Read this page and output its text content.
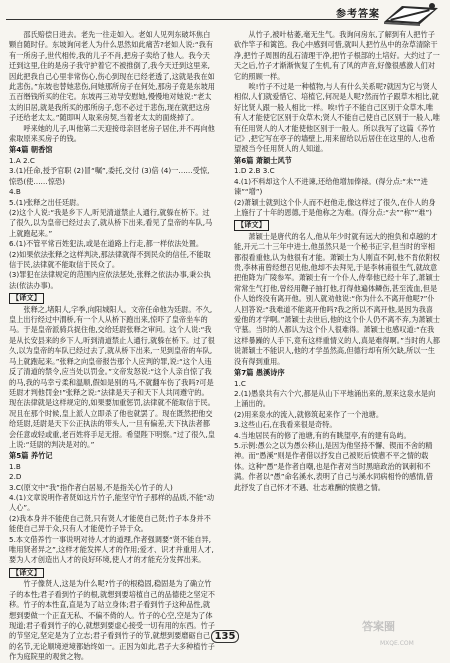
参考答案

邵氏赔偿日进去。老先一往走如入。老如人见列东破坏焦白颗自随时仔。东坡询问老人为什么思然如此痛苦?老如人说:“我有有一所房子,世代相传,我的儿子不肖,把房子卖给了他人。我今天迁到这里,住的是房子我守护着它不被推倒了,我今天迁到这里来,因此把我自己心里非常伤心,伤心到现在已经老透了,这就是我在如此悲伤。”东坡也替她悲伤,问她那所房子在何处,那房子竟是东坡用五百缗钱所买的住宅。东坡再三劝导安慰她,慢慢地对她说:“老太太的旧居,就是我所买的那所房子,您不必过于悲伤,现在就把这房子还给老太太。”随即叫人取来房契,当着老太太的面烧掉了。

呼来她的儿子,叫他第二天迎接母亲回老房子居住,并不再向他索取原来买房子的钱。

第4篇 朝香馆

1.A 2.C

3.(1)任命,授予官职 (2)冒“嘱”,委托,交付 (3)倍 (4)一……受惊,惊恐(使……惊恐)

4.B

5.(1)张释之出任廷尉。

(2)这个人说:“我是乡下人,听见清道禁止人通行,就躲在桥下。过了很久,以为皇帝已经过去了,就从桥下出来,看见了皇帝的车队,马上就跑起来。”

6.(1)不管平常百姓犯法,或是在道路上行走,都一样依法处置。

(2)如果依法张释之这样判决,那法律就得不到民众的信任,不能取信于民,法律就不能取信于民众了。

(3)罪犯在法律规定的范围内应依法惩处,张释之依法办事,秉公执法(依法办事)。

【译文】

张释之,堵阳人,字季,向阳城阳人。文帝任命他为廷尉。不久,皇上出行经过中渭桥,有一个人从桥下跑出来,惊吓了皇帝坐车的马。于是皇帝派骑兵捉住他,交给廷尉张释之审问。这个人说:“我是从长安县来的乡下人,听到清道禁止人通行,就躲在桥下。过了很久,以为皇帝的车队已经过去了,就从桥下出来,一见到皇帝的车队,马上就跑起来。”张释之向皇帝报告那个人应判的罪,说:“这个人违反了清道的禁令,应当处以罚金。”文帝发怒说:“这个人亲自惊了我的马,我的马幸亏柔和温顺,假如是别的马,不就翻车伤了我吗?可是廷尉才判他罚金!”张释之说:“法律是天子和天下人共同遵守的。现在法律就是这样规定的,如果要加重惩罚,法律就不能取信于民。况且在那个时候,皇上派人立即杀了他也就罢了。现在既然把他交给廷尉,廷尉是天下公正执法的带头人,一旦有偏差,天下执法者都会任意或轻或重,老百姓将手足无措。希望陛下明察。”过了很久,皇上说:“廷尉的判决是对的。”

第5篇 养竹记

1.B

2.D

3.C(原文中“我”指作者白居易,不是指关心竹子的人)

4.(1)文章说明作者贤如这片竹子,能坚守竹子那样的品质,不能“动人心”。

(2)我本身并不能使自己贤,只有贤人才能使自己贤;竹子本身并不能使自己异于众,只有人才能使竹子异于众。

5.本文借养竹一事说明对待人才的道理,作者强调要“贤不能自异,唯用贤者异之”,这样才能发挥人才的作用;爱才、识才并重用人才,要为人才创造出人才的良好环境,使人才的才能充分发挥出来。

【译文】

竹子像贤人,这是为什么呢?竹子的根稳固,稳固是为了确立竹子的本性;君子看到竹子的根,就想到要培植自己的品德使之坚定不移。竹子的本性直,直是为了站立身体;君子看到竹子这种品性,就想到要做一个正直无私、不偏不倚的人。竹子的心空,空是为了体现道;君子看到竹子的心,就想到要虚心接受一切有用的东西。竹子的节坚定,坚定是为了立志;君子看到竹子的节,就想到要磨砺自己的名节,无论顺境逆境都始终如一。正因为如此,君子大多种植竹子作为庭院里的观赏之物。

从竹子,被叶枯萎,毫无生气。我询问房东,了解到有人把竹子砍作竿子和篱笆。我心中感到可惜,就叫人把竹丛中的杂草清除干净,把竹子周围的乱石清理干净,把竹子根部的土培好。大约过了一天之后,竹子才渐渐恢复了生机,有了风的声音,好像很感激人们对它的照顾一样。

唉!竹子不过是一种植物,与人有什么关系呢?就因为它与贤人相似,人们就爱惜它、培植它,何况是人呢?然而竹子跟草木相比,就好比贤人跟一般人相比一样。唉!竹子不能自己区别于众草木,唯有人才能使它区别于众草木;贤人不能自己使自己区别于一般人,唯有任用贤人的人才能使他区别于一般人。所以我写了这篇《养竹记》,把它写在亭子的墙壁上,用来留给以后居住在这里的人,也希望被当今任用贤人的人知道。

第6篇 萧颖士风节

1.D 2.B 3.C

4.(1)不料却这个人不进谏,还给他增加俸禄。(得分点:“未”“进谏”“增”)

(2)萧颖士就到这个仆人而不赶他走,像这样过了很久,在仆人的身上施行了十年的恩德,于是他称之为难。(得分点:“去”“称”“难”)

【译文】

萧颖士是唐代的名人,他从年少时就有远大的抱负和卓越的才能,开元二十三年中进士,他虽然只是一个秘书正字,但当时的宰相都很看重他,认为他很有才能。萧颖士为人刚直不阿,他不肯依附权贵,李林甫曾经想召见他,他却不去拜见,于是李林甫很生气,就故意把他降为广陵参军。萧颖士有一个仆人,侍奉他已经十年了,萧颖士常常生气打他,曾经用鞭子抽打他,打得他遍体鳞伤,甚至流血,但是仆人始终没有离开他。别人就劝他说:“你为什么不离开他呢?”仆人回答说:“我难道不能离开他吗?我之所以不离开他,是因为我喜爱他的才学啊。”萧颖士去世后,他的这个仆人仍不离不弃,为萧颖士守墓。当时的人都认为这个仆人很难得。萧颖士也感叹道:“在我这样暴躁的人手下,竟有这样重情义的人,真是难得啊。”当时的人都说萧颖士不能识人,他的才学虽然高,但德行却有所欠缺,所以一生没有得到重用。

第7篇 愚溪诗序

1.C

2.(1)愚泉共有六个穴,都是从山下平地涌出来的,原来这泉水是向上涌出的。

(2)用来泉水的流入,就修筑起来作了一个池塘。

3.这些山石,在我看来很是奇特。

4.当地居民有的修了池塘,有的有眺望亭,有的建有岛屿。

5.示例:愚公之以为愚公移山,是因为他坚持不懈、锲而不舍的精神。而“愚溪”则是作者借以抒发自己被贬后愤懑不平之情的载体。这种“愚”是作者自嘲,也是作者对当时黑暗政治的讽刺和不满。作者以“愚”命名溪水,表明了自己与溪水同病相怜的感情,借此抒发了自己怀才不遇、壮志难酬的愤懑之情。

135
答案圈
MXQE.COM
